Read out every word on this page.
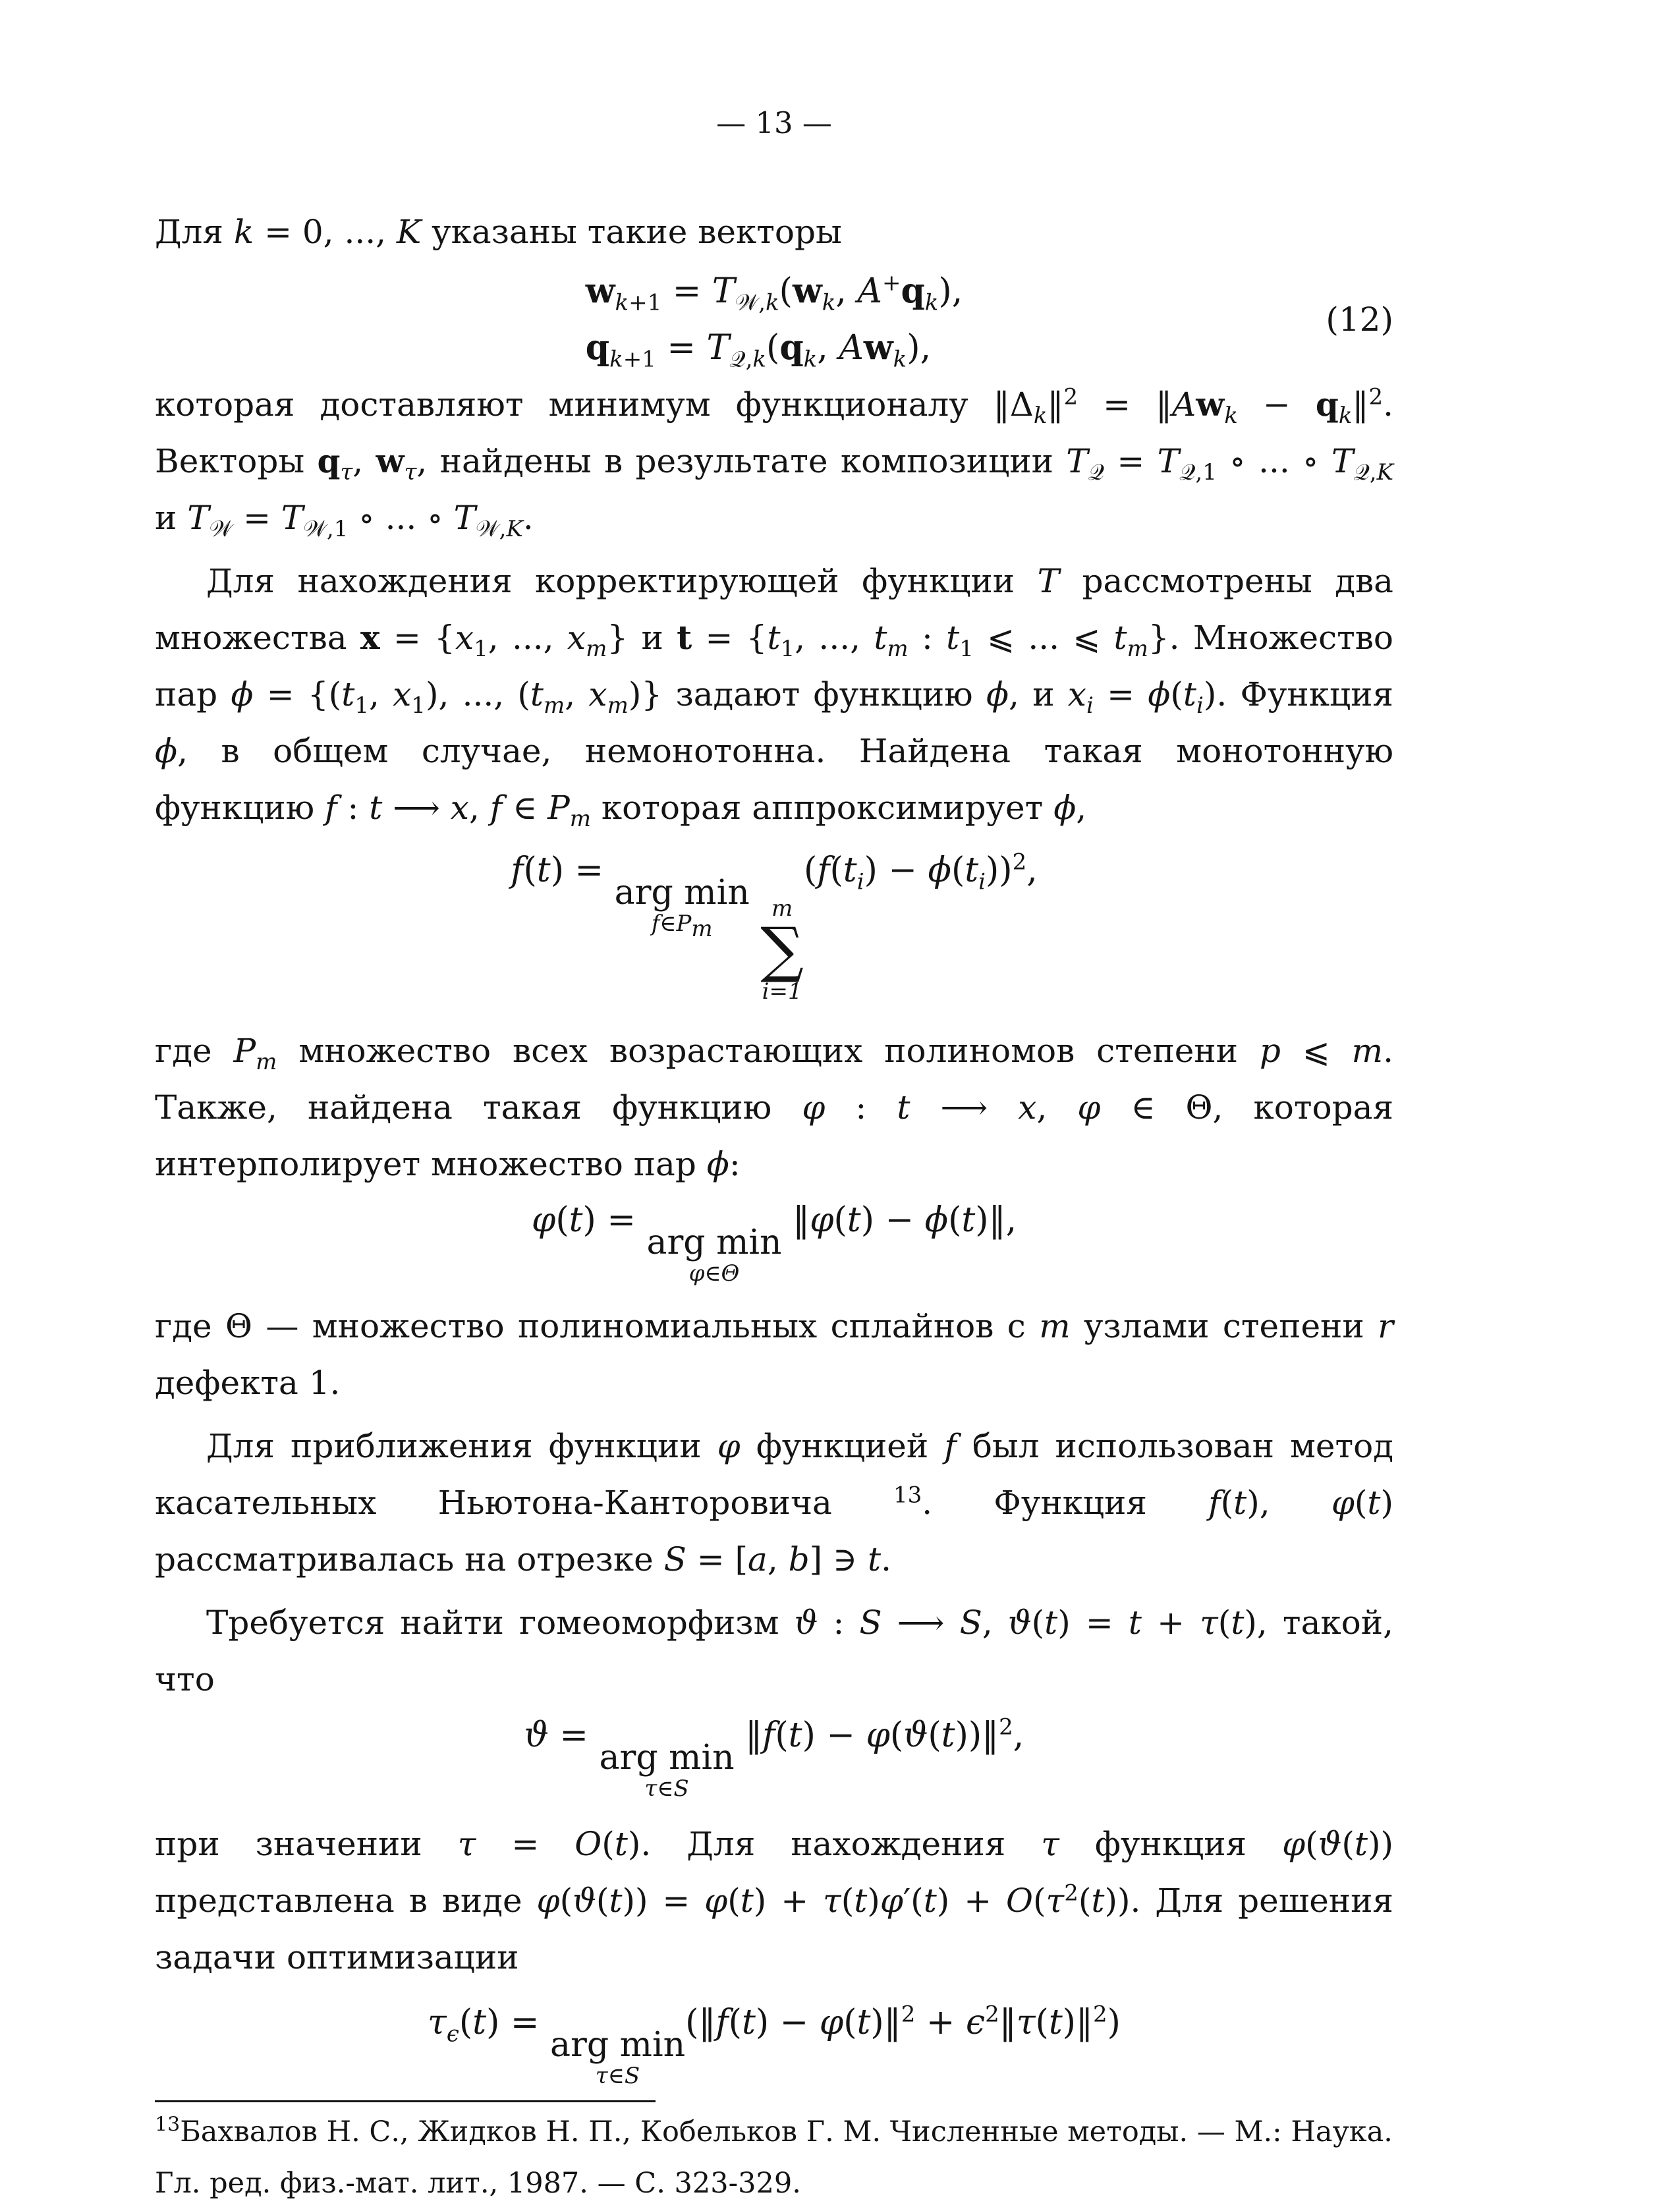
— 13 —

Для k = 0, ..., K указаны такие векторы

$w_{k+1} = T_{𝒲,k}(w_k$, $A^+q_k$),
$q_{k+1} = T_{𝒬,k}(q_k$, $Aw_k$),
(12)

которая доставляют минимум функционалу $‖\Delta_k‖^2$ = $‖Aw_k$ − $q_k‖^2$. Векторы $q_\tau$, $w_\tau$, найдены в результате композиции $T_𝒬 = T_{𝒬,1}$ ∘ ... ∘ $T_{𝒬,K}$ и $T_𝒲 = T_{𝒲,1}$ ∘ ... ∘ $T_{𝒲,K}$.

Для нахождения корректирующей функции T рассмотрены два множества $x = \{x_1$, ..., $x_m$} и $t = \{t_1$, ..., $t_m$ : $t_1$ ⩽ ... ⩽ $t_m$}. Множество пар $\phi = \{(t_1$, $x_1$), ..., ($t_m$, $x_m$)} задают функцию ϕ, и $x_i = \phi(t_i)$. Функция ϕ, в общем случае, немонотонна. Найдена такая монотонную функцию f : t ⟶ x, f ∈ $P_m$ которая аппроксимирует ϕ,

f(t) =
arg min
$f\in P_m$

m
∑
i=1
$(f(t_i) - \phi(t_i))^2$,

где $P_m$ множество всех возрастающих полиномов степени p ⩽ m. Также, найдена такая функцию φ : t ⟶ x, φ ∈ Θ, которая интерполирует множество пар ϕ:

φ(t) =
arg min
φ∈Θ
‖φ(t) − ϕ(t)‖,

где Θ — множество полиномиальных сплайнов с m узлами степени r дефекта 1.

Для приближения функции φ функцией f был использован метод касательных Ньютона-Канторовича $^{13}$. Функция f(t), φ(t) рассматривалась на отрезке S = [a, b] ∋ t.

Требуется найти гомеоморфизм ϑ : S ⟶ S, ϑ(t) = t + τ(t), такой, что

ϑ =
arg min
τ∈S
‖f(t) − φ(ϑ(t))‖$^2$,

при значении τ = O(t). Для нахождения τ функция φ(ϑ(t)) представлена в виде $\varphi(ϑ(t)) = \varphi(t) + \tau(t)\varphi'(t) + O(\tau^2(t))$. Для решения задачи оптимизации

$\tau_\epsilon(t)$ =
arg min
τ∈S
(‖f(t) − φ(t)‖$^2$ + $\epsilon^2‖\tau(t)‖^2$)

$^{13}$Бахвалов Н. С., Жидков Н. П., Кобельков Г. М. Численные методы. — М.: Наука. Гл. ред. физ.-мат. лит., 1987. — С. 323-329.
